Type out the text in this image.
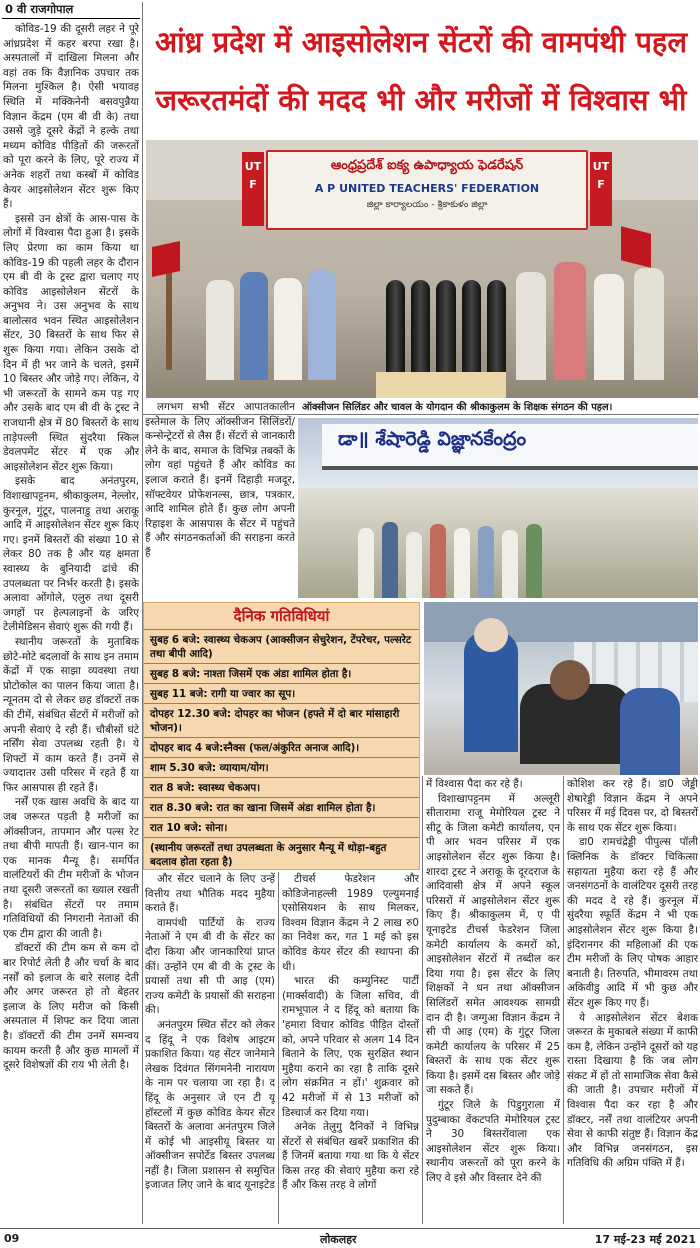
0 वी राजगोपाल
आंध्र प्रदेश में आइसोलेशन सेंटरों की वामपंथी पहल
जरूरतमंदों की मदद भी और मरीजों में विश्वास भी

कोविड-19 की दूसरी लहर ने पूरे आंध्रप्रदेश में कहर बरपा रखा है। अस्पतालों में दाखिला मिलना और वहां तक कि वैज्ञानिक उपचार तक मिलना मुश्किल है। ऐसी भयावह स्थिति में मक्किनेनी बसवपुन्नैया विज्ञान केंद्रम (एम बी वी के) तथा उससे जुड़े दूसरे केंद्रों ने हल्के तथा मध्यम कोविड पीड़ितों की जरूरतों को पूरा करने के लिए, पूरे राज्य में अनेक शहरों तथा कस्बों में कोविड केयर आइसोलेशन सेंटर शुरू किए हैं।

इससे उन क्षेत्रों के आस-पास के लोगों में विश्वास पैदा हुआ है। इसके लिए प्रेरणा का काम किया था कोविड-19 की पहली लहर के दौरान एम बी वी के ट्रस्ट द्वारा चलाए गए कोविड आइसोलेशन सेंटरों के अनुभव ने। उस अनुभव के साथ बालोत्सव भवन स्थित आइसोलेशन सेंटर, 30 बिस्तरों के साथ फिर से शुरू किया गया। लेकिन उसके दो दिन में ही भर जाने के चलते, इसमें 10 बिस्तर और जोड़े गए। लेकिन, ये भी जरूरतों के सामने कम पड़ गए और उसके बाद एम बी वी के ट्रस्ट ने राजधानी क्षेत्र में 80 बिस्तरों के साथ ताड़ेपल्ली स्थित सुंदरैया स्किल डेवलपमेंट सेंटर में एक और आइसोलेशन सेंटर शुरू किया।

इसके बाद अनंतपुरम, विशाखापट्टनम, श्रीकाकुलम, नेल्लोर, कुरनूल, गुंटूर, पालनाडु तथा अराकू आदि में आइसोलेशन सेंटर शुरू किए गए। इनमें बिस्तरों की संख्या 10 से लेकर 80 तक है और यह क्षमता स्वास्थ्य के बुनियादी ढांचे की उपलब्धता पर निर्भर करती है। इसके अलावा ओंगोले, एलुरु तथा दूसरी जगहों पर हेल्पलाइनों के जरिए टेलीमेडिसन सेवाएं शुरू की गयी हैं।

स्थानीय जरूरतों के मुताबिक छोटे-मोटे बदलावों के साथ इन तमाम केंद्रों में एक साझा व्यवस्था तथा प्रोटोकोल का पालन किया जाता है। न्यूनतम दो से लेकर छह डॉक्टरों तक की टीमें, संबंधित सेंटरों में मरीजों को अपनी सेवाएं दे रही हैं। चौबीसों घंटे नर्सिंग सेवा उपलब्ध रहती है। ये शिफ्टों में काम करते हैं। उनमें से ज्यादातर उसी परिसर में रहते हैं या फिर आसपास ही रहते हैं।

नर्सें एक खास अवधि के बाद या जब जरूरत पड़ती है मरीजों का ऑक्सीजन, तापमान और पल्स रेट तथा बीपी मापती हैं। खान-पान का एक मानक मैन्यू है। समर्पित वालंटियरों की टीम मरीजों के भोजन तथा दूसरी जरूरतों का ख्याल रखती है। संबंधित सेंटरों पर तमाम गतिविधियों की निगरानी नेताओं की एक टीम द्वारा की जाती है।

डॉक्टरों की टीम कम से कम दो बार रिपोर्ट लेती है और चर्चा के बाद नर्सों को इलाज के बारे सलाह देती और अगर जरूरत हो तो बेहतर इलाज के लिए मरीज को किसी अस्पताल में शिफ्ट कर दिया जाता है। डॉक्टरों की टीम उनमें समन्वय कायम करती है और कुछ मामलों में दूसरे विशेषज्ञों की राय भी लेती है।

ఆంధ్రప్రదేశ్ ఐక్య ఉపాధ్యాయ ఫెడరేషన్
A P UNITED TEACHERS' FEDERATION
జిల్లా కార్యాలయం - శ్రీకాకుళం జిల్లా
UTF
UTF
ऑक्सीजन सिलिंडर और चावल के योगदान की श्रीकाकुलम के शिक्षक संगठन की पहल।

लगभग सभी सेंटर आपातकालीन इस्तेमाल के लिए ऑक्सीजन सिलिंडरों/कन्सेन्ट्रेटरों से लैस हैं। सेंटरों से जानकारी लेने के बाद, समाज के विभिन्न तबकों के लोग वहां पहुंचते हैं और कोविड का इलाज कराते हैं। इनमें दिहाड़ी मजदूर, सॉफ्टवेयर प्रोफेशनल्स, छात्र, पत्रकार, आदि शामिल होते हैं। कुछ लोग अपनी रिहाइश के आसपास के सेंटर में पहुंचते हैं और संगठनकर्ताओं की सराहना करते हैं

డా॥ శేషారెడ్డి విజ్ఞానకేంద్రం
दैनिक गतिविधियां
सुबह 6 बजे: स्वास्थ्य चेकअप (आक्सीजन सेचुरेशन, टेंपरेचर, पल्सरेट तथा बीपी आदि)
सुबह 8 बजे: नाश्ता जिसमें एक अंडा शामिल होता है।
सुबह 11 बजे: रागी या ज्वार का सूप।
दोपहर 12.30 बजे: दोपहर का भोजन (हफ्ते में दो बार मांसाहारी भोजन)।
दोपहर बाद 4 बजे:स्नैक्स (फल/अंकुरित अनाज आदि)।
शाम 5.30 बजे: व्यायाम/योग।
रात 8 बजे: स्वास्थ्य चेकअप।
रात 8.30 बजे: रात का खाना जिसमें अंडा शामिल होता है।
रात 10 बजे: सोना।
(स्थानीय जरूरतों तथा उपलब्धता के अनुसार मैन्यू में थोड़ा-बहुत बदलाव होता रहता है)

और सेंटर चलाने के लिए उन्हें वित्तीय तथा भौतिक मदद मुहैया कराते हैं।

वामपंथी पार्टियों के राज्य नेताओं ने एम बी वी के सेंटर का दौरा किया और जानकारियां प्राप्त कीं। उन्होंने एम बी वी के ट्रस्ट के प्रयासों तथा सी पी आइ (एम) राज्य कमेटी के प्रयासों की सराहना की।

अनंतपुरम स्थित सेंटर को लेकर द हिंदू ने एक विशेष आइटम प्रकाशित किया। यह सेंटर जानेमाने लेखक दिवंगत सिंगमनेनी नारायण के नाम पर चलाया जा रहा है। द हिंदू के अनुसार जे एन टी यू हॉस्टलों में कुछ कोविड केयर सेंटर बिस्तरों के अलावा अनंतपुरम जिले में कोई भी आइसीयू बिस्तर या ऑक्सीजन सपोर्टेड बिस्तर उपलब्ध नहीं है। जिला प्रशासन से समुचित इजाजत लिए जाने के बाद यूनाइटेड

टीचर्स फेडरेशन और कोडिजेनाहल्ली 1989 एल्युमनाई एसोसियशन के साथ मिलकर, विश्वम विज्ञान केंद्रम ने 2 लाख रु0 का निवेश कर, गत 1 मई को इस कोविड केयर सेंटर की स्थापना की थी।

भारत की कम्युनिस्ट पार्टी (मार्क्सवादी) के जिला सचिव, वी रामभूपाल ने द हिंदू को बताया कि 'हमारा विचार कोविड पीड़ित दोस्तों को, अपने परिवार से अलग 14 दिन बिताने के लिए, एक सुरक्षित स्थान मुहैया कराने का रहा है ताकि दूसरे लोग संक्रमित न हों।' शुक्रवार को 42 मरीजों में से 13 मरीजों को डिस्चार्ज कर दिया गया।

अनेक तेलुगु दैनिकों ने विभिन्न सेंटरों से संबंधित खबरें प्रकाशित की हैं जिनमें बताया गया था कि ये सेंटर किस तरह की सेवाएं मुहैया करा रहे हैं और किस तरह वे लोगों

में विश्वास पैदा कर रहे हैं।

विशाखापट्टनम में अल्लूरी सीतारामा राजू मेमोरियल ट्रस्ट ने सीटू के जिला कमेटी कार्यालय, एन पी आर भवन परिसर में एक आइसोलेशन सेंटर शुरू किया है। शारदा ट्रस्ट ने अराकू के दूरदराज के आदिवासी क्षेत्र में अपने स्कूल परिसरों में आइसोलेशन सेंटर शुरू किए हैं। श्रीकाकुलम में, ए पी यूनाइटेड टीचर्स फेडरेशन जिला कमेटी कार्यालय के कमरों को, आइसोलेशन सेंटरों में तब्दील कर दिया गया है। इस सेंटर के लिए शिक्षकों ने धन तथा ऑक्सीजन सिलिंडरों समेत आवश्यक सामग्री दान दी है। जग्गुआ विज्ञान केंद्रम ने सी पी आइ (एम) के गुंटूर जिला कमेटी कार्यालय के परिसर में 25 बिस्तरों के साथ एक सेंटर शुरू किया है। इसमें दस बिस्तर और जोड़े जा सकते हैं।

गुंटूर जिले के पिडुगुराला में पुदुम्बाका वेंकटपति मेमोरियल ट्रस्ट ने 30 बिस्तरोंवाला एक आइसोलेशन सेंटर शुरू किया। स्थानीय जरूरतों को पूरा करने के लिए वे इसे और विस्तार देने की

कोशिश कर रहे हैं। डा0 जेड्डी शेषारेड्डी विज्ञान केंद्रम ने अपने परिसर में मई दिवस पर, दो बिस्तरों के साथ एक सेंटर शुरू किया।

डा0 रामचंद्रेड्डी पीपुल्स पॉली क्लिनिक के डॉक्टर चिकित्सा सहायता मुहैया करा रहे हैं और जनसंगठनों के वालंटियर दूसरी तरह की मदद दे रहे हैं। कुरनूल में सुंदरैया स्फूर्ति केंद्रम ने भी एक आइसोलेशन सेंटर शुरू किया है। इंदिरानगर की महिलाओं की एक टीम मरीजों के लिए पोषक आहार बनाती है। तिरुपति, भीमावरम तथा अकिवीडु आदि में भी कुछ और सेंटर शुरू किए गए हैं।

ये आइसोलेशन सेंटर बेशक जरूरत के मुकाबले संख्या में काफी कम है, लेकिन उन्होंने दूसरों को यह रास्ता दिखाया है कि जब लोग संकट में हों तो सामाजिक सेवा कैसे की जाती है। उपचार मरीजों में विश्वास पैदा कर रहा है और डॉक्टर, नर्सें तथा वालंटियर अपनी सेवा से काफी संतुष्ट हैं। विज्ञान केंद्र और विभिन्न जनसंगठन, इस गतिविधि की अग्रिम पंक्ति में हैं।

09	लोकलहर	17 मई-23 मई 2021
